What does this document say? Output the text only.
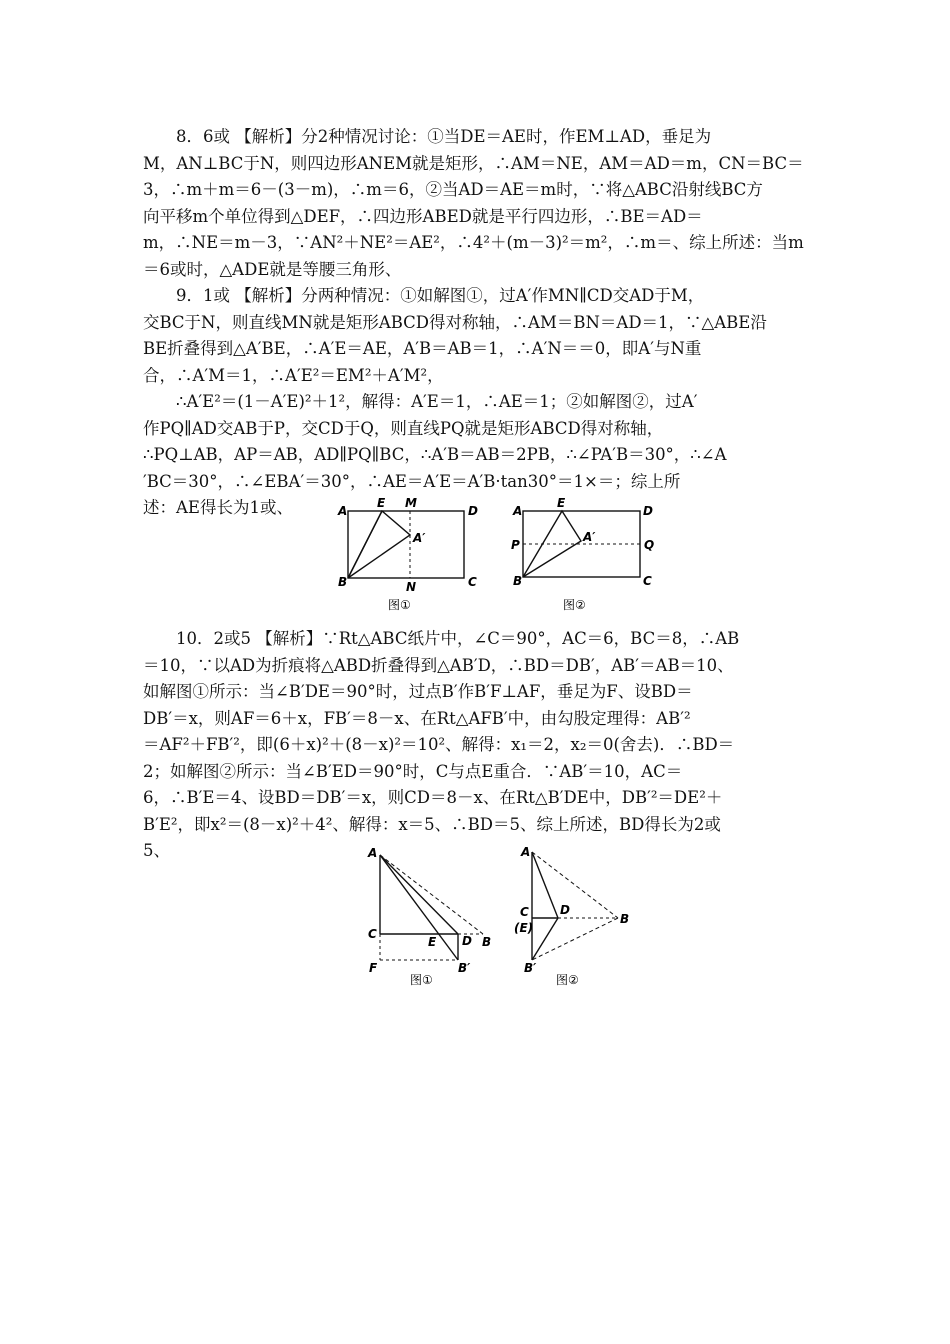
8．6或 【解析】分2种情况讨论：①当DE＝AE时，作EM⊥AD，垂足为

M，AN⊥BC于N，则四边形ANEM就是矩形，∴AM＝NE，AM＝AD＝m，CN＝BC＝

3，∴m＋m＝6－(3－m)，∴m＝6，②当AD＝AE＝m时，∵将△ABC沿射线BC方

向平移m个单位得到△DEF，∴四边形ABED就是平行四边形，∴BE＝AD＝

m，∴NE＝m－3，∵AN²＋NE²＝AE²，∴4²＋(m－3)²＝m²，∴m＝、综上所述：当m

＝6或时，△ADE就是等腰三角形、

9．1或 【解析】分两种情况：①如解图①，过A′作MN∥CD交AD于M，

交BC于N，则直线MN就是矩形ABCD得对称轴，∴AM＝BN＝AD＝1，∵△ABE沿

BE折叠得到△A′BE，∴A′E＝AE，A′B＝AB＝1，∴A′N＝＝0，即A′与N重

合，∴A′M＝1，∴A′E²＝EM²＋A′M²，

∴A′E²＝(1－A′E)²＋1²，解得：A′E＝1，∴AE＝1；②如解图②，过A′

作PQ∥AD交AB于P，交CD于Q，则直线PQ就是矩形ABCD得对称轴，

∴PQ⊥AB，AP＝AB，AD∥PQ∥BC，∴A′B＝AB＝2PB，∴∠PA′B＝30°，∴∠A

′BC＝30°，∴∠EBA′＝30°，∴AE＝A′E＝A′B·tan30°＝1×＝；综上所

述：AE得长为1或、	A
E M
D
A′
B	N	C
图①
A
E
D
P
A′
Q
B	C
图②

10．2或5 【解析】∵Rt△ABC纸片中，∠C＝90°，AC＝6，BC＝8，∴AB

＝10，∵以AD为折痕将△ABD折叠得到△AB′D，∴BD＝DB′，AB′＝AB＝10、

如解图①所示：当∠B′DE＝90°时，过点B′作B′F⊥AF，垂足为F、设BD＝

DB′＝x，则AF＝6＋x，FB′＝8－x、在Rt△AFB′中，由勾股定理得：AB′²

＝AF²＋FB′²，即(6＋x)²＋(8－x)²＝10²、解得：x₁＝2，x₂＝0(舍去)．∴BD＝

2；如解图②所示：当∠B′ED＝90°时，C与点E重合．∵AB′＝10，AC＝

6，∴B′E＝4、设BD＝DB′＝x，则CD＝8－x、在Rt△B′DE中，DB′²＝DE²＋

B′E²，即x²＝(8－x)²＋4²、解得：x＝5、∴BD＝5、综上所述，BD得长为2或

5、	A
C
E D B
F	B′
图①
A
C
(E)
D
B
B′
图②
